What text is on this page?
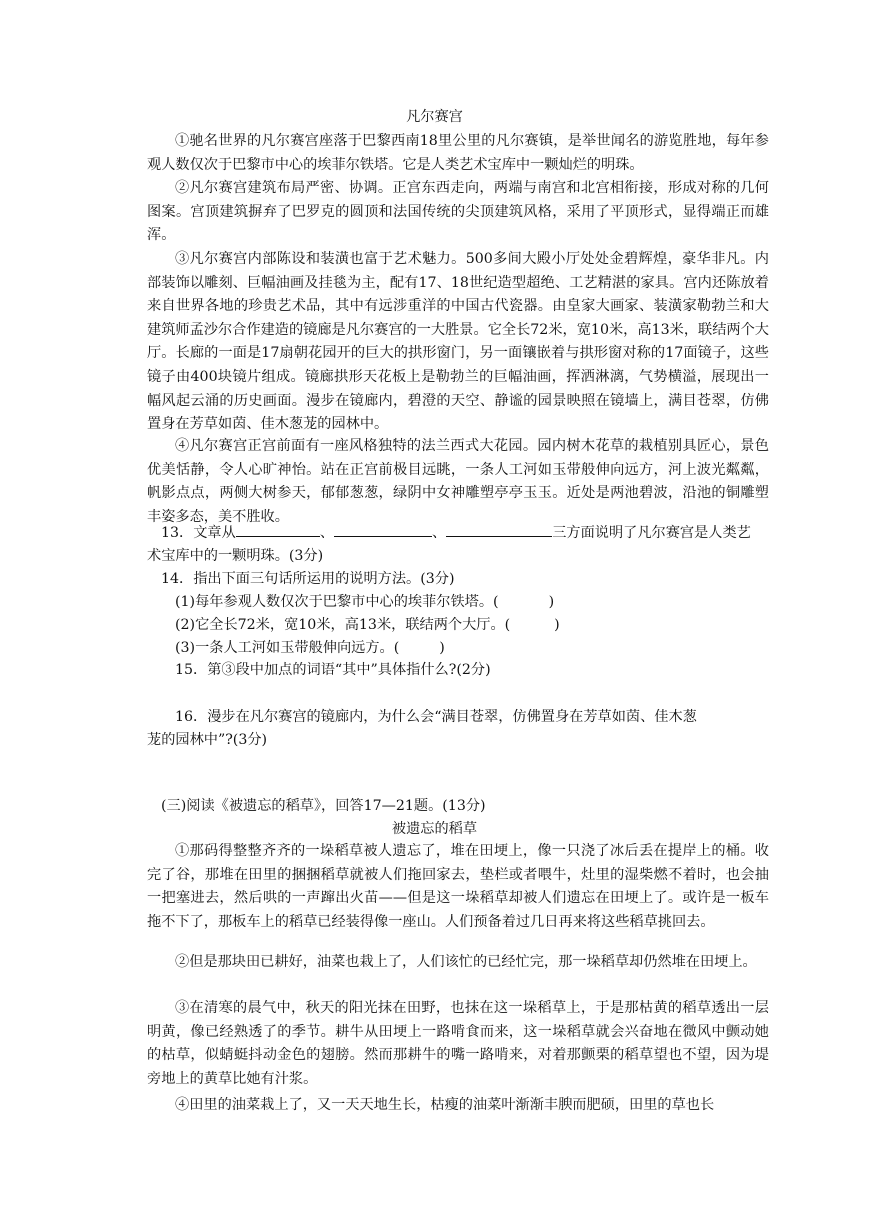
凡尔赛宫

①驰名世界的凡尔赛宫座落于巴黎西南18里公里的凡尔赛镇，是举世闻名的游览胜地，每年参观人数仅次于巴黎市中心的埃菲尔铁塔。它是人类艺术宝库中一颗灿烂的明珠。

②凡尔赛宫建筑布局严密、协调。正宫东西走向，两端与南宫和北宫相衔接，形成对称的几何图案。宫顶建筑摒弃了巴罗克的圆顶和法国传统的尖顶建筑风格，采用了平顶形式，显得端正而雄浑。

③凡尔赛宫内部陈设和装潢也富于艺术魅力。500多间大殿小厅处处金碧辉煌，豪华非凡。内部装饰以雕刻、巨幅油画及挂毯为主，配有17、18世纪造型超绝、工艺精湛的家具。宫内还陈放着来自世界各地的珍贵艺术品，其中有远涉重洋的中国古代瓷器。由皇家大画家、装潢家勒勃兰和大建筑师孟沙尔合作建造的镜廊是凡尔赛宫的一大胜景。它全长72米，宽10米，高13米，联结两个大厅。长廊的一面是17扇朝花园开的巨大的拱形窗门，另一面镶嵌着与拱形窗对称的17面镜子，这些镜子由400块镜片组成。镜廊拱形天花板上是勒勃兰的巨幅油画，挥洒淋漓，气势横溢，展现出一幅风起云涌的历史画面。漫步在镜廊内，碧澄的天空、静谧的园景映照在镜墙上，满目苍翠，仿佛置身在芳草如茵、佳木葱茏的园林中。

④凡尔赛宫正宫前面有一座风格独特的法兰西式大花园。园内树木花草的栽植别具匠心，景色优美恬静，令人心旷神怡。站在正宫前极目远眺，一条人工河如玉带般伸向远方，河上波光粼粼，帆影点点，两侧大树参天，郁郁葱葱，绿阴中女神雕塑亭亭玉玉。近处是两池碧波，沿池的铜雕塑丰姿多态，美不胜收。

13．文章从	、	、	三方面说明了凡尔赛宫是人类艺
术宝库中的一颗明珠。(3分)
14．指出下面三句话所运用的说明方法。(3分)
(1)每年参观人数仅次于巴黎市中心的埃菲尔铁塔。(	)
(2)它全长72米，宽10米，高13米，联结两个大厅。(	)
(3)一条人工河如玉带般伸向远方。(	)
15．第③段中加点的词语“其中”具体指什么?(2分)
16．漫步在凡尔赛宫的镜廊内，为什么会“满目苍翠，仿佛置身在芳草如茵、佳木葱
茏的园林中”?(3分)
(三)阅读《被遗忘的稻草》，回答17—21题。(13分)
被遗忘的稻草

①那码得整整齐齐的一垛稻草被人遗忘了，堆在田埂上，像一只浇了冰后丢在提岸上的桶。收完了谷，那堆在田里的捆捆稻草就被人们拖回家去，垫栏或者喂牛，灶里的湿柴燃不着时，也会抽一把塞进去，然后哄的一声蹿出火苗——但是这一垛稻草却被人们遗忘在田埂上了。或许是一板车拖不下了，那板车上的稻草已经装得像一座山。人们预备着过几日再来将这些稻草挑回去。

②但是那块田已耕好，油菜也栽上了，人们该忙的已经忙完，那一垛稻草却仍然堆在田埂上。

③在清寒的晨气中，秋天的阳光抹在田野，也抹在这一垛稻草上，于是那枯黄的稻草透出一层明黄，像已经熟透了的季节。耕牛从田埂上一路啃食而来，这一垛稻草就会兴奋地在微风中颤动她的枯草，似蜻蜓抖动金色的翅膀。然而那耕牛的嘴一路啃来，对着那颤栗的稻草望也不望，因为堤旁地上的黄草比她有汁浆。

④田里的油菜栽上了，又一天天地生长，枯瘦的油菜叶渐渐丰腴而肥硕，田里的草也长
